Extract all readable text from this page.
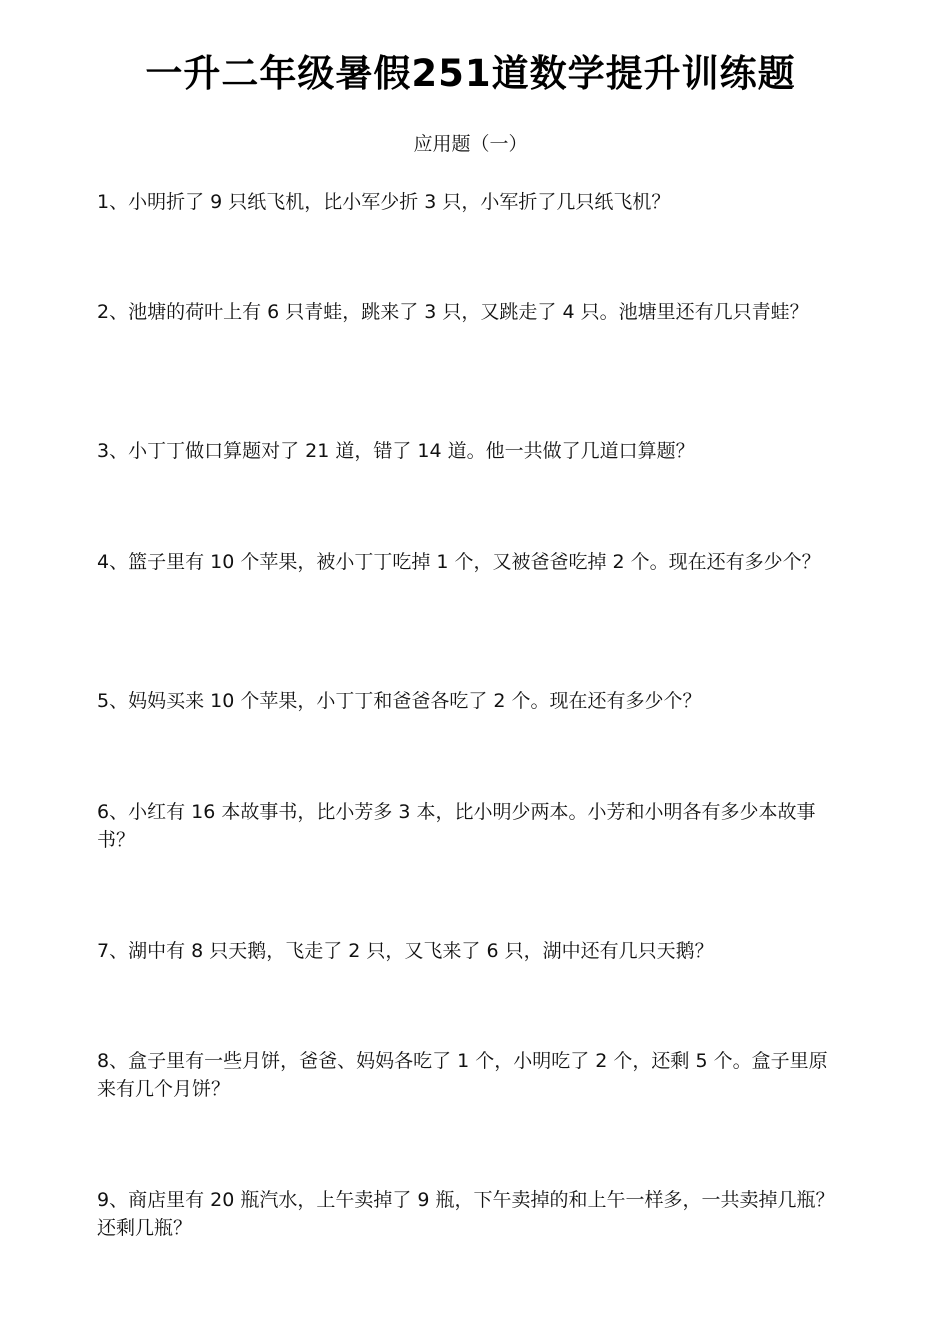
一升二年级暑假251道数学提升训练题
应用题（一）

1、小明折了 9 只纸飞机，比小军少折 3 只，小军折了几只纸飞机？

2、池塘的荷叶上有 6 只青蛙，跳来了 3 只，又跳走了 4 只。池塘里还有几只青蛙？

3、小丁丁做口算题对了 21 道，错了 14 道。他一共做了几道口算题？

4、篮子里有 10 个苹果，被小丁丁吃掉 1 个，又被爸爸吃掉 2 个。现在还有多少个？

5、妈妈买来 10 个苹果，小丁丁和爸爸各吃了 2 个。现在还有多少个？

6、小红有 16 本故事书，比小芳多 3 本，比小明少两本。小芳和小明各有多少本故事书？

7、湖中有 8 只天鹅，飞走了 2 只，又飞来了 6 只，湖中还有几只天鹅？

8、盒子里有一些月饼，爸爸、妈妈各吃了 1 个，小明吃了 2 个，还剩 5 个。盒子里原来有几个月饼？

9、商店里有 20 瓶汽水，上午卖掉了 9 瓶，下午卖掉的和上午一样多，一共卖掉几瓶？还剩几瓶？
